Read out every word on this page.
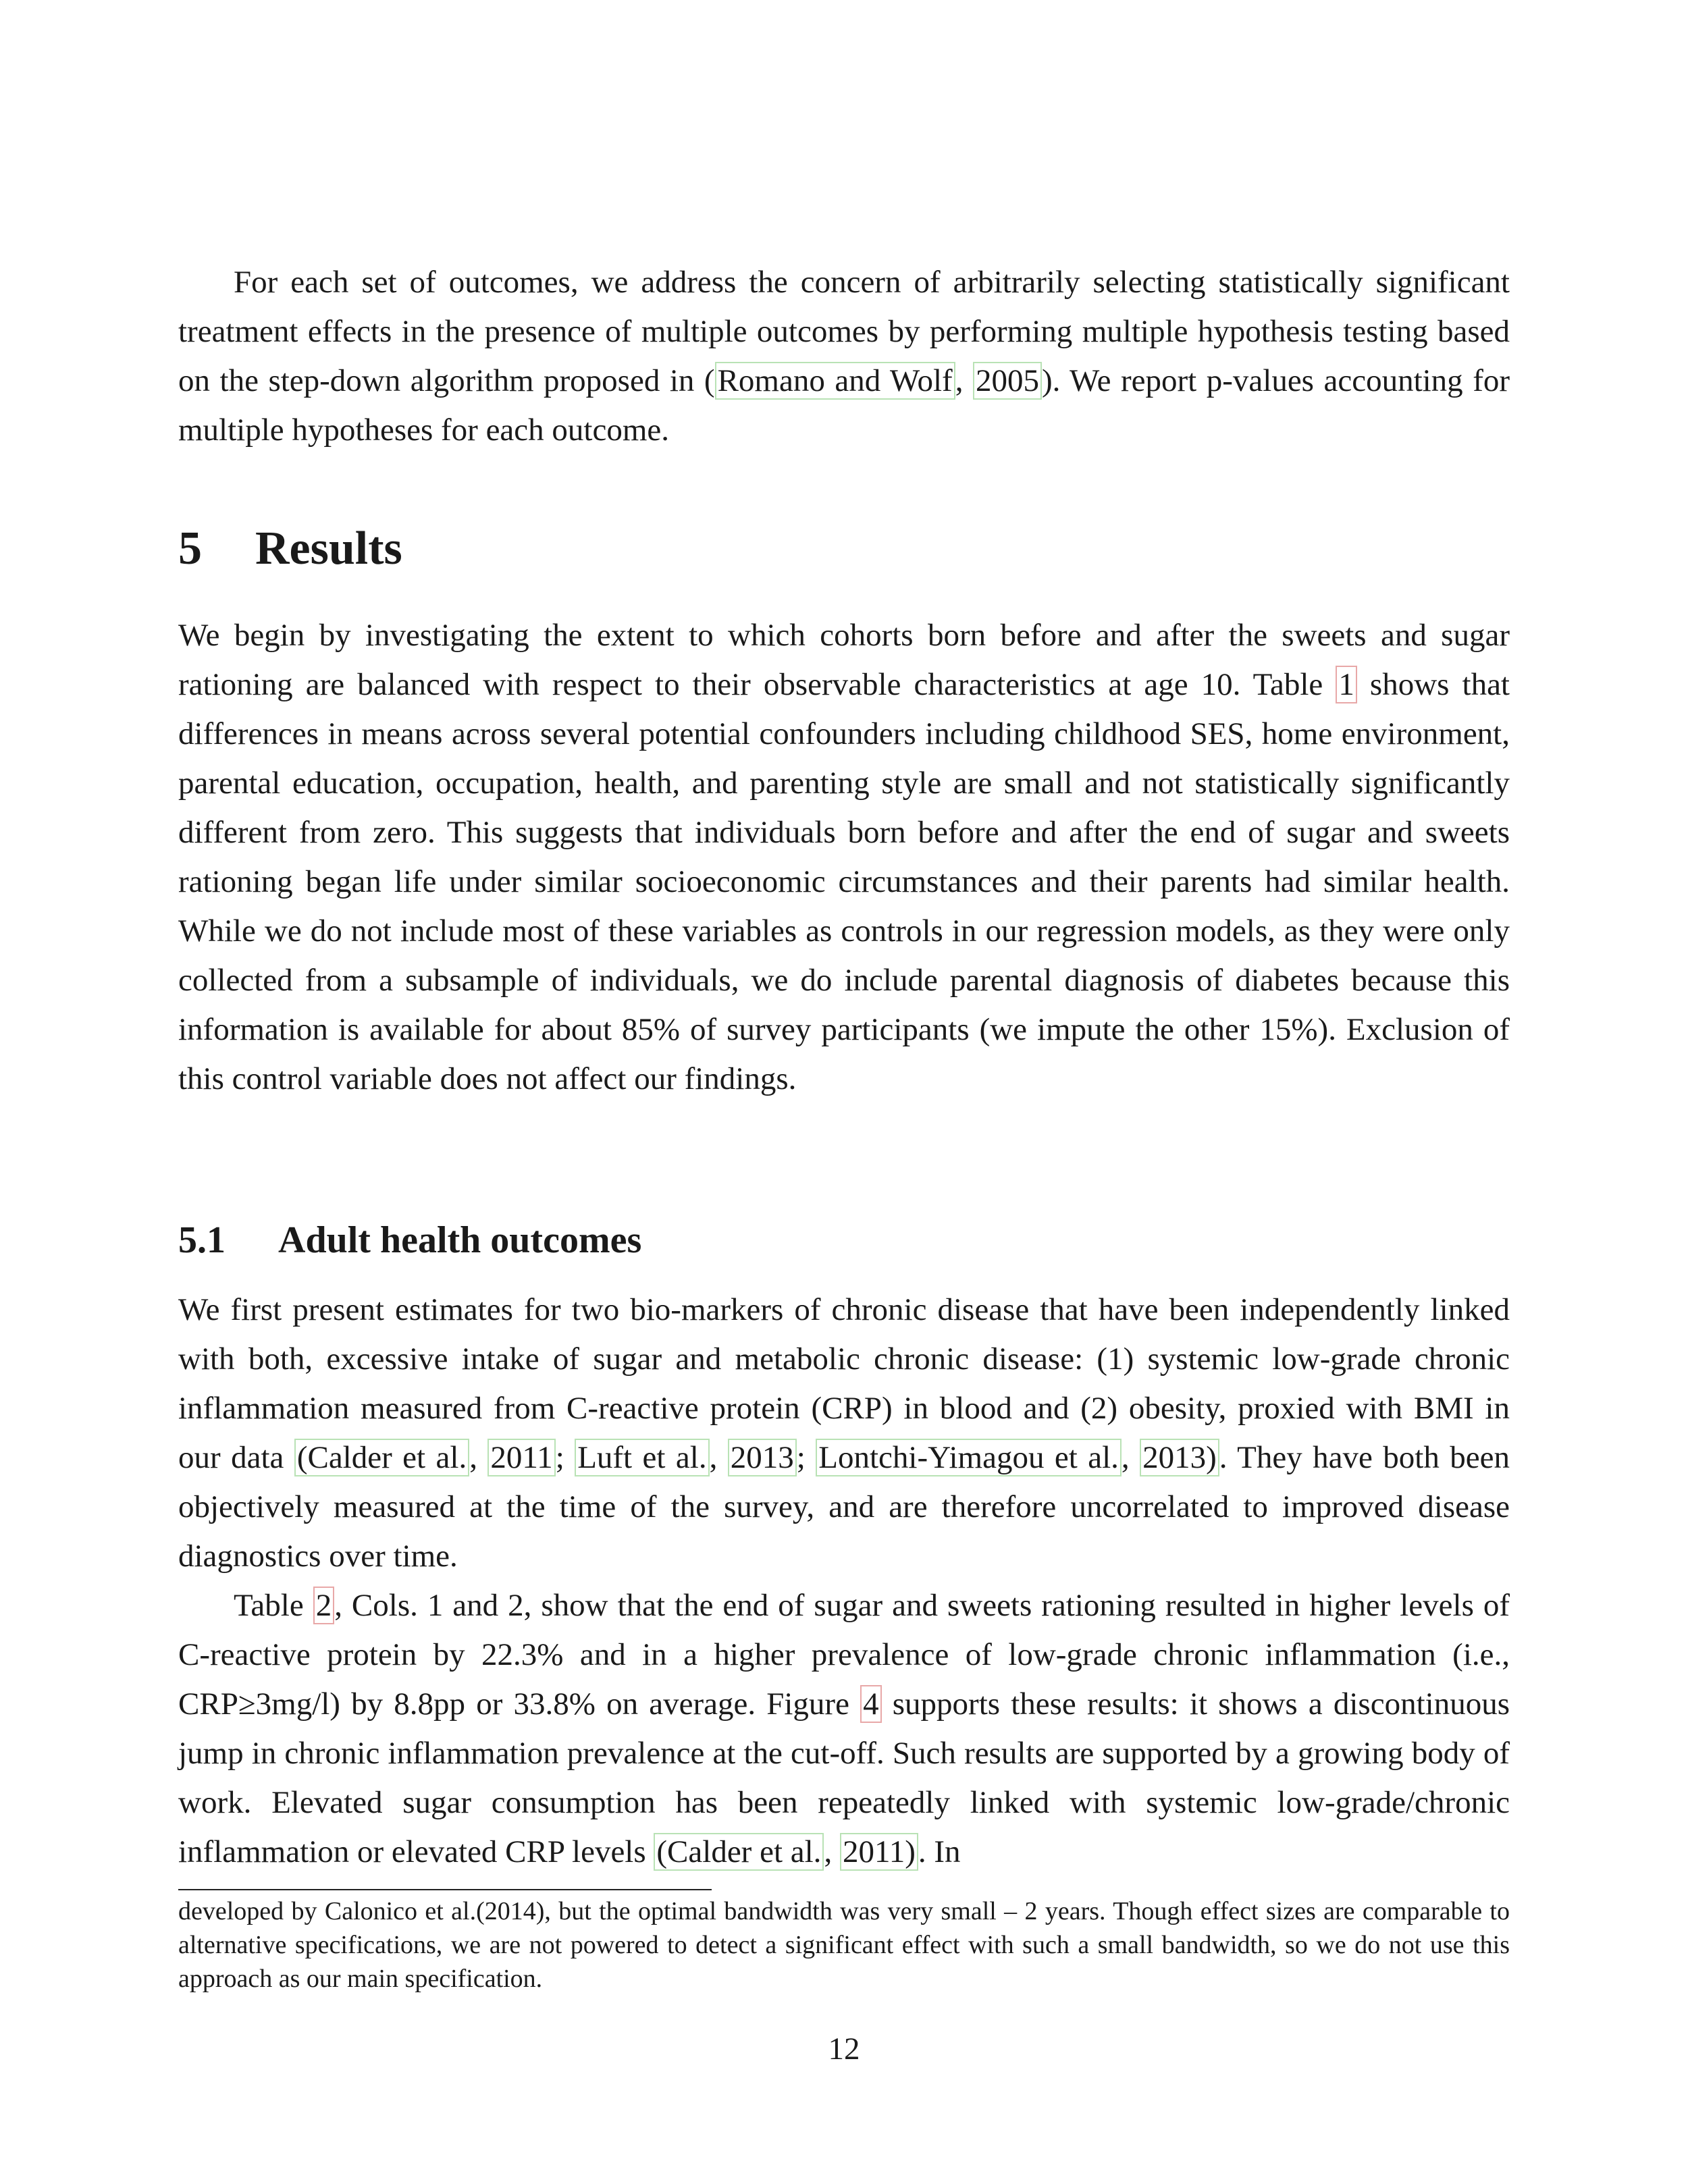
For each set of outcomes, we address the concern of arbitrarily selecting statistically significant treatment effects in the presence of multiple outcomes by performing multiple hypothesis testing based on the step-down algorithm proposed in (Romano and Wolf, 2005). We report p-values accounting for multiple hypotheses for each outcome.

5 Results

We begin by investigating the extent to which cohorts born before and after the sweets and sugar rationing are balanced with respect to their observable characteristics at age 10. Table 1 shows that differences in means across several potential confounders including childhood SES, home environment, parental education, occupation, health, and parenting style are small and not statistically significantly different from zero. This suggests that individuals born before and after the end of sugar and sweets rationing began life under similar socioeconomic circumstances and their parents had similar health. While we do not include most of these variables as controls in our regression models, as they were only collected from a subsample of individuals, we do include parental diagnosis of diabetes because this information is available for about 85% of survey participants (we impute the other 15%). Exclusion of this control variable does not affect our findings.

5.1 Adult health outcomes

We first present estimates for two bio-markers of chronic disease that have been independently linked with both, excessive intake of sugar and metabolic chronic disease: (1) systemic low-grade chronic inflammation measured from C-reactive protein (CRP) in blood and (2) obesity, proxied with BMI in our data (Calder et al., 2011; Luft et al., 2013; Lontchi-Yimagou et al., 2013). They have both been objectively measured at the time of the survey, and are therefore uncorrelated to improved disease diagnostics over time.

Table 2, Cols. 1 and 2, show that the end of sugar and sweets rationing resulted in higher levels of C-reactive protein by 22.3% and in a higher prevalence of low-grade chronic inflammation (i.e., CRP≥3mg/l) by 8.8pp or 33.8% on average. Figure 4 supports these results: it shows a discontinuous jump in chronic inflammation prevalence at the cut-off. Such results are supported by a growing body of work. Elevated sugar consumption has been repeatedly linked with systemic low-grade/chronic inflammation or elevated CRP levels (Calder et al., 2011). In

developed by Calonico et al.(2014), but the optimal bandwidth was very small – 2 years. Though effect sizes are comparable to alternative specifications, we are not powered to detect a significant effect with such a small bandwidth, so we do not use this approach as our main specification.

12
